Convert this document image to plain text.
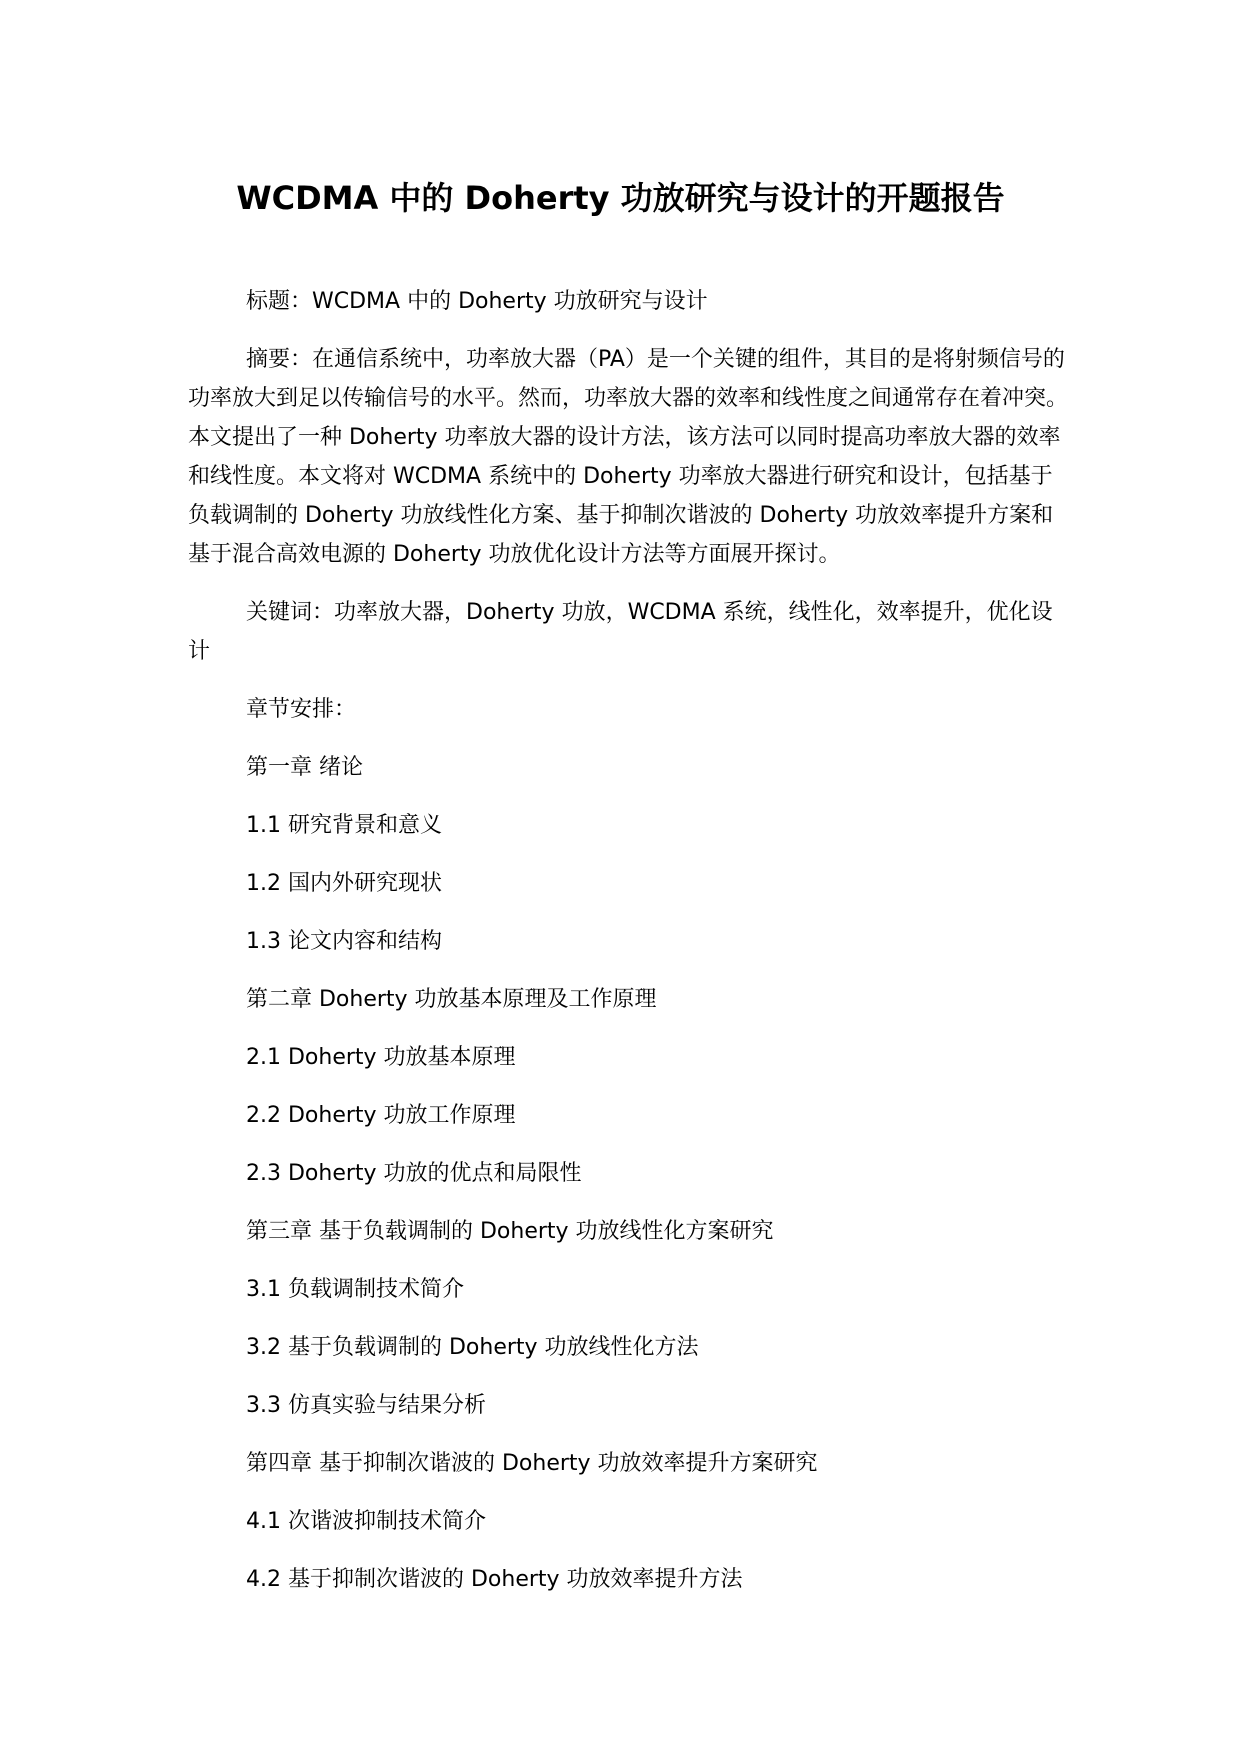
WCDMA 中的 Doherty 功放研究与设计的开题报告

标题：WCDMA 中的 Doherty 功放研究与设计

摘要：在通信系统中，功率放大器（PA）是一个关键的组件，其目的是将射频信号的功率放大到足以传输信号的水平。然而，功率放大器的效率和线性度之间通常存在着冲突。本文提出了一种 Doherty 功率放大器的设计方法，该方法可以同时提高功率放大器的效率和线性度。本文将对 WCDMA 系统中的 Doherty 功率放大器进行研究和设计，包括基于负载调制的 Doherty 功放线性化方案、基于抑制次谐波的 Doherty 功放效率提升方案和基于混合高效电源的 Doherty 功放优化设计方法等方面展开探讨。

关键词：功率放大器，Doherty 功放，WCDMA 系统，线性化，效率提升，优化设计

章节安排：
第一章 绪论
1.1 研究背景和意义
1.2 国内外研究现状
1.3 论文内容和结构
第二章 Doherty 功放基本原理及工作原理
2.1 Doherty 功放基本原理
2.2 Doherty 功放工作原理
2.3 Doherty 功放的优点和局限性
第三章 基于负载调制的 Doherty 功放线性化方案研究
3.1 负载调制技术简介
3.2 基于负载调制的 Doherty 功放线性化方法
3.3 仿真实验与结果分析
第四章 基于抑制次谐波的 Doherty 功放效率提升方案研究
4.1 次谐波抑制技术简介
4.2 基于抑制次谐波的 Doherty 功放效率提升方法
